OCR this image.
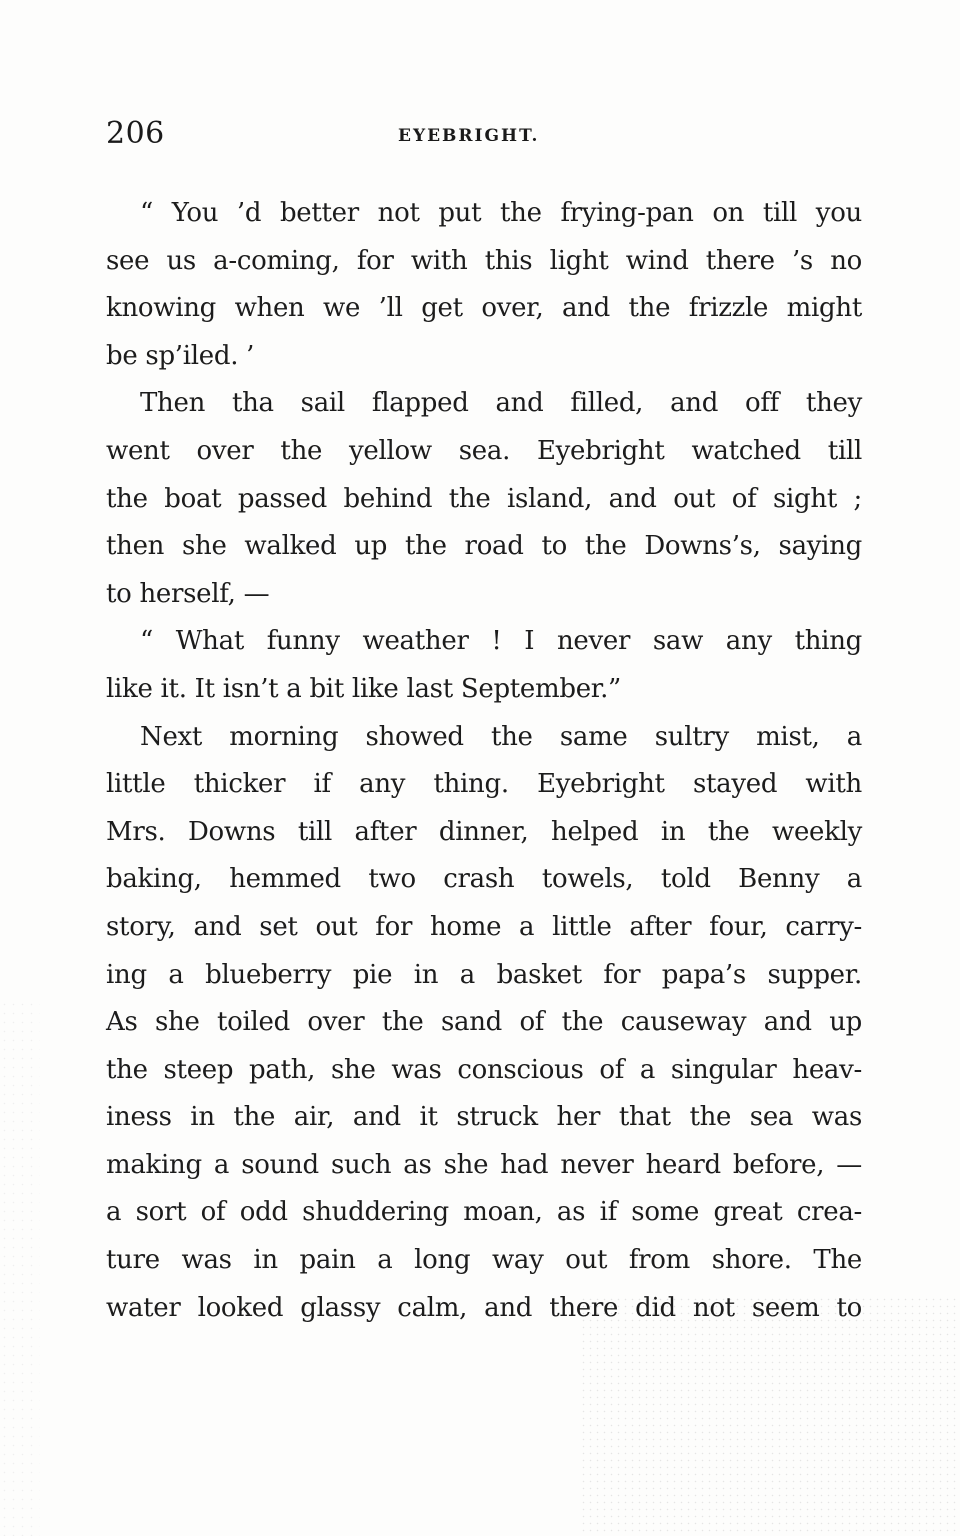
206	EYEBRIGHT.
“ You ’d better not put the frying-pan on till you
see us a-coming, for with this light wind there ’s no
knowing when we ’ll get over, and the frizzle might
be sp’iled. ’
Then tha sail flapped and filled, and off they
went over the yellow sea. Eyebright watched till
the boat passed behind the island, and out of sight ;
then she walked up the road to the Downs’s, saying
to herself, —
“ What funny weather ! I never saw any thing
like it. It isn’t a bit like last September.”
Next morning showed the same sultry mist, a
little thicker if any thing. Eyebright stayed with
Mrs. Downs till after dinner, helped in the weekly
baking, hemmed two crash towels, told Benny a
story, and set out for home a little after four, carry-
ing a blueberry pie in a basket for papa’s supper.
As she toiled over the sand of the causeway and up
the steep path, she was conscious of a singular heav-
iness in the air, and it struck her that the sea was
making a sound such as she had never heard before, —
a sort of odd shuddering moan, as if some great crea-
ture was in pain a long way out from shore. The
water looked glassy calm, and there did not seem to
